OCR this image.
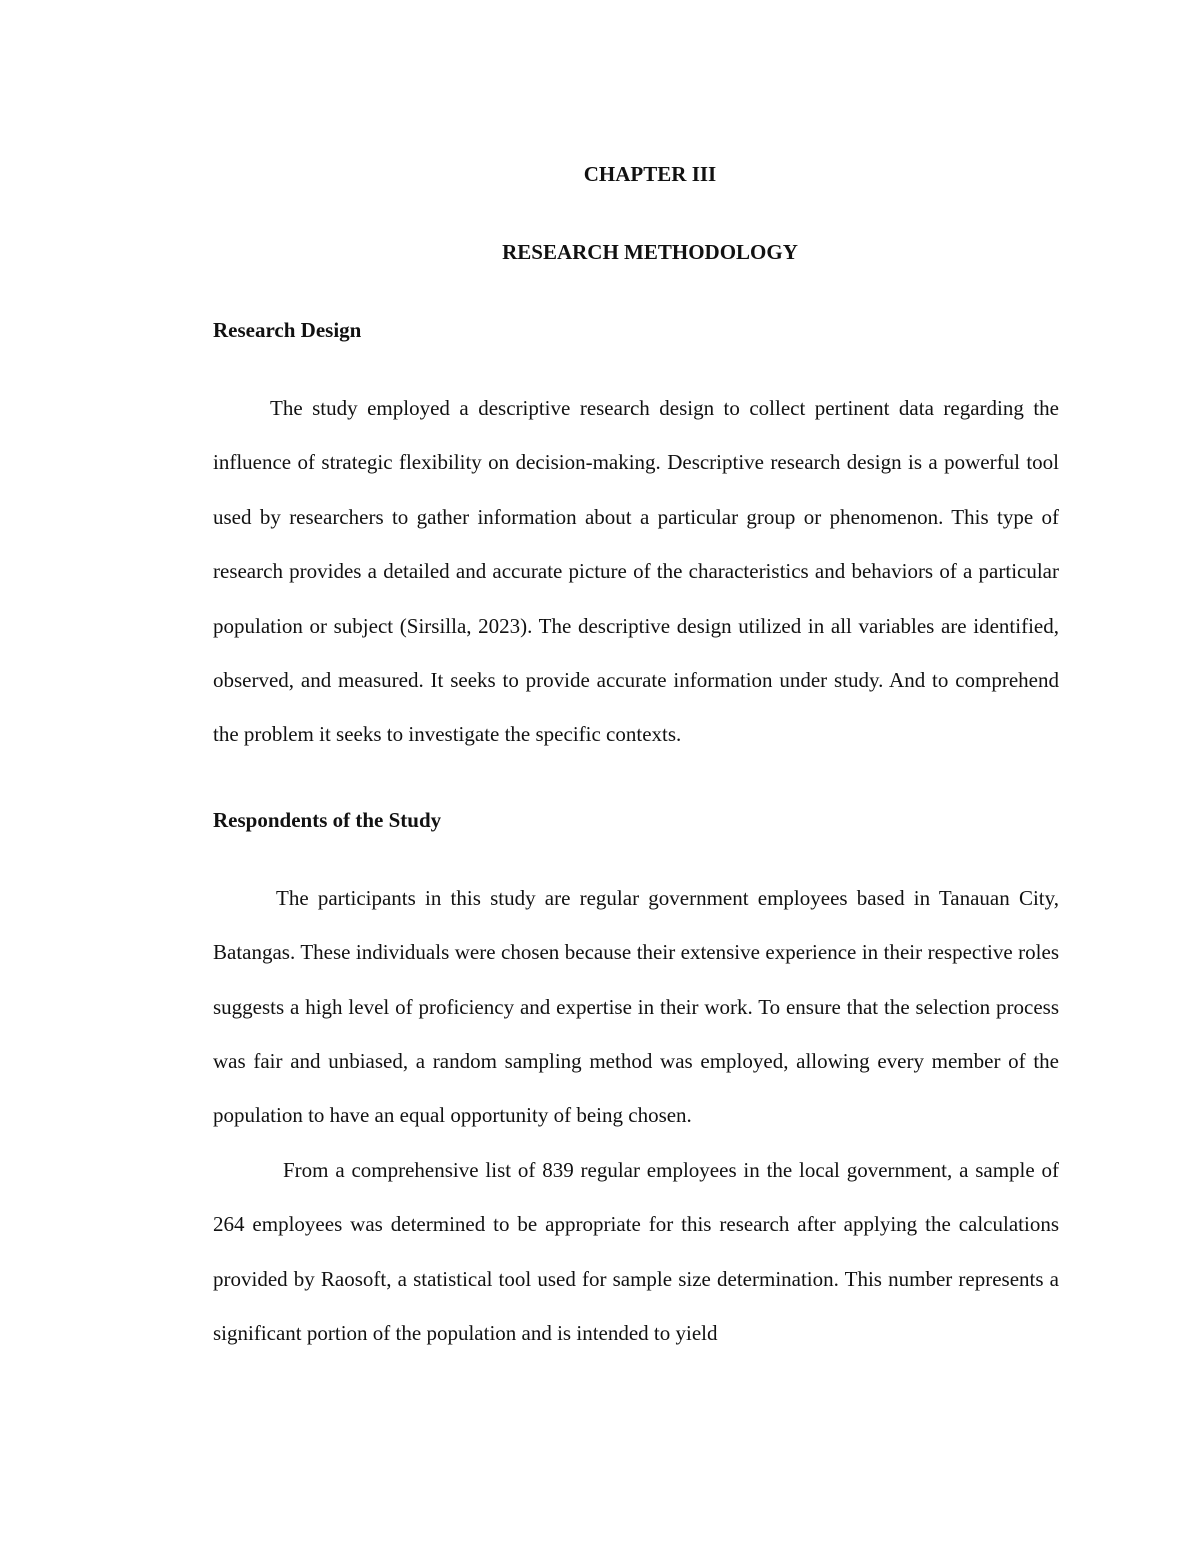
CHAPTER III
RESEARCH METHODOLOGY
Research Design

The study employed a descriptive research design to collect pertinent data regarding the influence of strategic flexibility on decision-making. Descriptive research design is a powerful tool used by researchers to gather information about a particular group or phenomenon. This type of research provides a detailed and accurate picture of the characteristics and behaviors of a particular population or subject (Sirsilla, 2023). The descriptive design utilized in all variables are identified, observed, and measured. It seeks to provide accurate information under study. And to comprehend the problem it seeks to investigate the specific contexts.

Respondents of the Study

The participants in this study are regular government employees based in Tanauan City, Batangas. These individuals were chosen because their extensive experience in their respective roles suggests a high level of proficiency and expertise in their work. To ensure that the selection process was fair and unbiased, a random sampling method was employed, allowing every member of the population to have an equal opportunity of being chosen.

From a comprehensive list of 839 regular employees in the local government, a sample of 264 employees was determined to be appropriate for this research after applying the calculations provided by Raosoft, a statistical tool used for sample size determination. This number represents a significant portion of the population and is intended to yield
